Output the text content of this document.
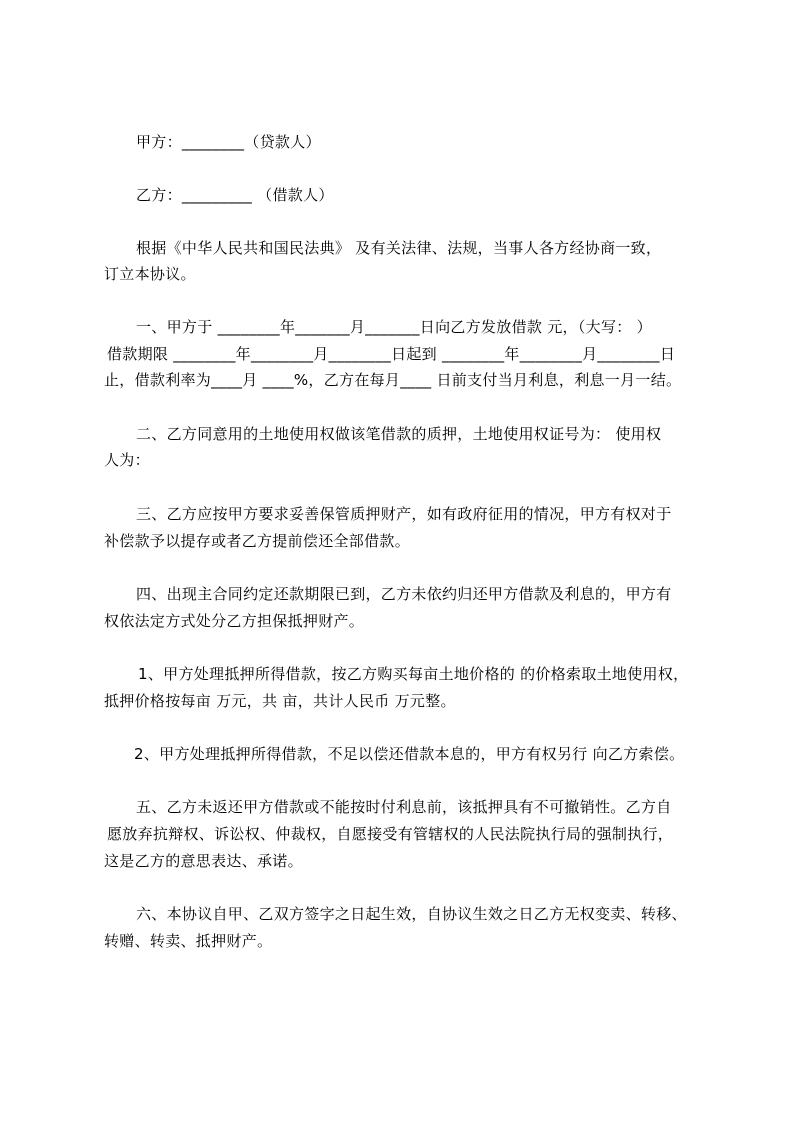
甲方：________（贷款人）
乙方：_________ （借款人）
根据《中华人民共和国民法典》 及有关法律、法规，当事人各方经协商一致，
订立本协议。
一、甲方于 ________年_______月_______日向乙方发放借款 元，（大写： ）
借款期限 ________年________月________日起到 ________年________月________日
止，借款利率为____月 ____%，乙方在每月____ 日前支付当月利息，利息一月一结。
二、乙方同意用的土地使用权做该笔借款的质押，土地使用权证号为： 使用权
人为：
三、乙方应按甲方要求妥善保管质押财产，如有政府征用的情况，甲方有权对于
补偿款予以提存或者乙方提前偿还全部借款。
四、出现主合同约定还款期限已到，乙方未依约归还甲方借款及利息的，甲方有
权依法定方式处分乙方担保抵押财产。
1、甲方处理抵押所得借款，按乙方购买每亩土地价格的 的价格索取土地使用权，
抵押价格按每亩 万元，共 亩，共计人民币 万元整。
2、甲方处理抵押所得借款，不足以偿还借款本息的，甲方有权另行 向乙方索偿。
五、乙方未返还甲方借款或不能按时付利息前，该抵押具有不可撤销性。乙方自
愿放弃抗辩权、诉讼权、仲裁权，自愿接受有管辖权的人民法院执行局的强制执行，
这是乙方的意思表达、承诺。
六、本协议自甲、乙双方签字之日起生效，自协议生效之日乙方无权变卖、转移、
转赠、转卖、抵押财产。
